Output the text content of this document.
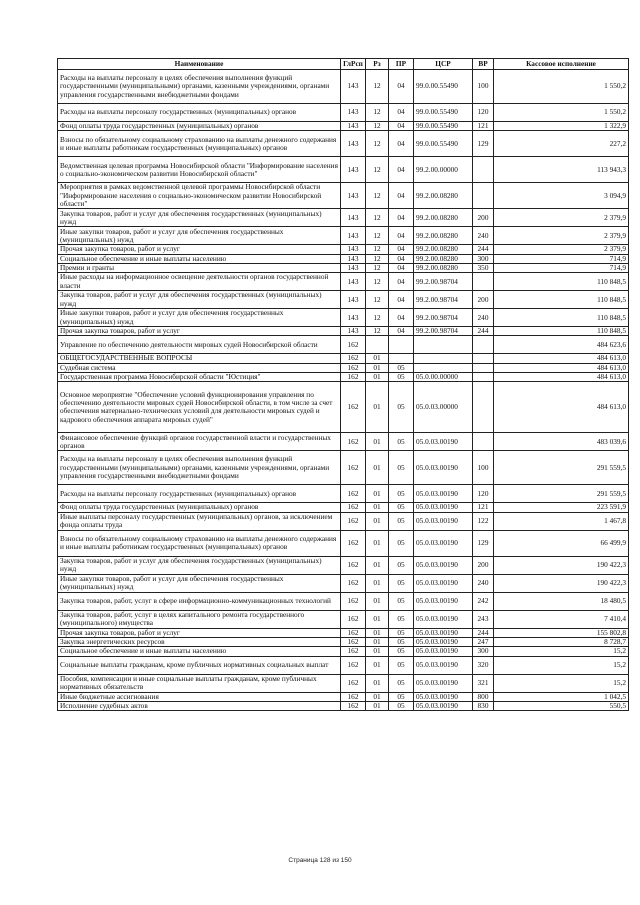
Наименование	ГлРсп	Рз	ПР	ЦСР	ВР	Кассовое исполнение
Расходы на выплаты персоналу в целях обеспечения выполнения функций государственными (муниципальными) органами, казенными учреждениями, органами управления государственными внебюджетными фондами	143	12	04	99.0.00.55490	100	1 550,2
Расходы на выплаты персоналу государственных (муниципальных) органов	143	12	04	99.0.00.55490	120	1 550,2
Фонд оплаты труда государственных (муниципальных) органов	143	12	04	99.0.00.55490	121	1 322,9
Взносы по обязательному социальному страхованию на выплаты денежного содержания и иные выплаты работникам государственных (муниципальных) органов	143	12	04	99.0.00.55490	129	227,2
Ведомственная целевая программа Новосибирской области "Информирование населения о социально-экономическом развитии Новосибирской области"	143	12	04	99.2.00.00000		113 943,3
Мероприятия в рамках ведомственной целевой программы Новосибирской области "Информирование населения о социально-экономическом развитии Новосибирской области"	143	12	04	99.2.00.08280		3 094,9
Закупка товаров, работ и услуг для обеспечения государственных (муниципальных) нужд	143	12	04	99.2.00.08280	200	2 379,9
Иные закупки товаров, работ и услуг для обеспечения государственных (муниципальных) нужд	143	12	04	99.2.00.08280	240	2 379,9
Прочая закупка товаров, работ и услуг	143	12	04	99.2.00.08280	244	2 379,9
Социальное обеспечение и иные выплаты населению	143	12	04	99.2.00.08280	300	714,9
Премии и гранты	143	12	04	99.2.00.08280	350	714,9
Иные расходы на информационное освещение деятельности органов государственной власти	143	12	04	99.2.00.98704		110 848,5
Закупка товаров, работ и услуг для обеспечения государственных (муниципальных) нужд	143	12	04	99.2.00.98704	200	110 848,5
Иные закупки товаров, работ и услуг для обеспечения государственных (муниципальных) нужд	143	12	04	99.2.00.98704	240	110 848,5
Прочая закупка товаров, работ и услуг	143	12	04	99.2.00.98704	244	110 848,5
Управление по обеспечению деятельности мировых судей Новосибирской области	162					484 623,6
ОБЩЕГОСУДАРСТВЕННЫЕ ВОПРОСЫ	162	01				484 613,0
Судебная система	162	01	05			484 613,0
Государственная программа Новосибирской области "Юстиция"	162	01	05	05.0.00.00000		484 613,0
Основное мероприятие "Обеспечение условий функционирования управления по обеспечению деятельности мировых судей Новосибирской области, в том числе за счет обеспечения материально-технических условий для деятельности мировых судей и кадрового обеспечения аппарата мировых судей"	162	01	05	05.0.03.00000		484 613,0
Финансовое обеспечение функций органов государственной власти и государственных органов	162	01	05	05.0.03.00190		483 039,6
Расходы на выплаты персоналу в целях обеспечения выполнения функций государственными (муниципальными) органами, казенными учреждениями, органами управления государственными внебюджетными фондами	162	01	05	05.0.03.00190	100	291 559,5
Расходы на выплаты персоналу государственных (муниципальных) органов	162	01	05	05.0.03.00190	120	291 559,5
Фонд оплаты труда государственных (муниципальных) органов	162	01	05	05.0.03.00190	121	223 591,9
Иные выплаты персоналу государственных (муниципальных) органов, за исключением фонда оплаты труда	162	01	05	05.0.03.00190	122	1 467,8
Взносы по обязательному социальному страхованию на выплаты денежного содержания и иные выплаты работникам государственных (муниципальных) органов	162	01	05	05.0.03.00190	129	66 499,9
Закупка товаров, работ и услуг для обеспечения государственных (муниципальных) нужд	162	01	05	05.0.03.00190	200	190 422,3
Иные закупки товаров, работ и услуг для обеспечения государственных (муниципальных) нужд	162	01	05	05.0.03.00190	240	190 422,3
Закупка товаров, работ, услуг в сфере информационно-коммуникационных технологий	162	01	05	05.0.03.00190	242	18 480,5
Закупка товаров, работ, услуг в целях капитального ремонта государственного (муниципального) имущества	162	01	05	05.0.03.00190	243	7 410,4
Прочая закупка товаров, работ и услуг	162	01	05	05.0.03.00190	244	155 802,8
Закупка энергетических ресурсов	162	01	05	05.0.03.00190	247	8 728,7
Социальное обеспечение и иные выплаты населению	162	01	05	05.0.03.00190	300	15,2
Социальные выплаты гражданам, кроме публичных нормативных социальных выплат	162	01	05	05.0.03.00190	320	15,2
Пособия, компенсации и иные социальные выплаты гражданам, кроме публичных нормативных обязательств	162	01	05	05.0.03.00190	321	15,2
Иные бюджетные ассигнования	162	01	05	05.0.03.00190	800	1 042,5
Исполнение судебных актов	162	01	05	05.0.03.00190	830	550,5
Страница 128 из 150
